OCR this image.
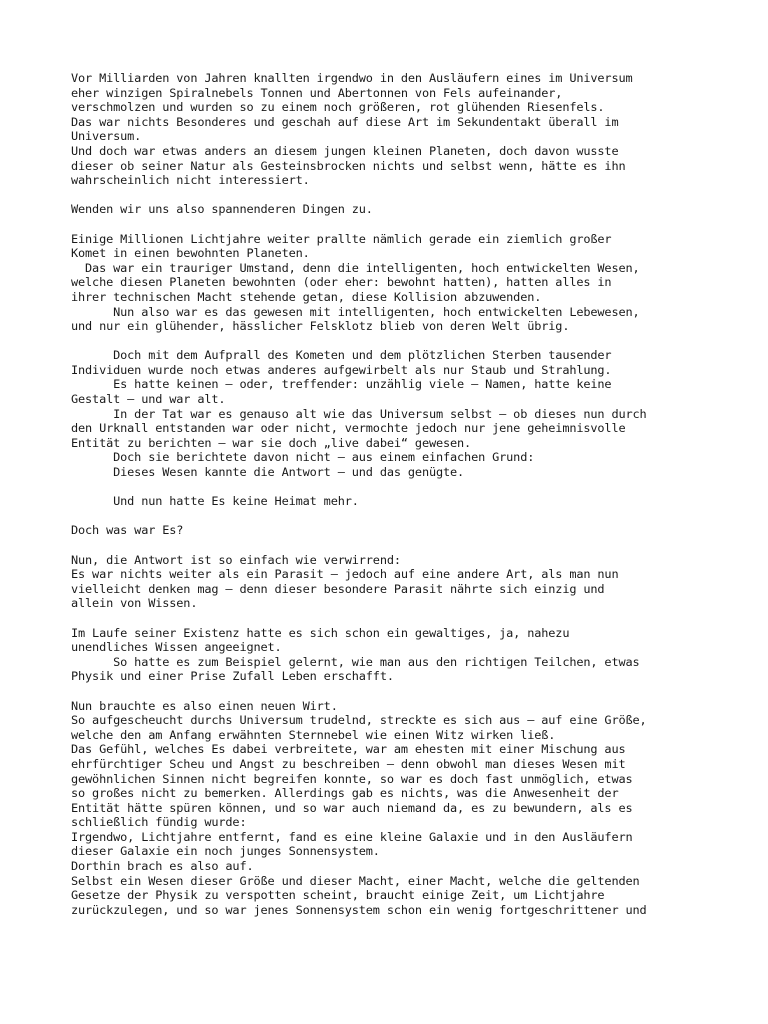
Vor Milliarden von Jahren knallten irgendwo in den Ausläufern eines im Universum
eher winzigen Spiralnebels Tonnen und Abertonnen von Fels aufeinander,
verschmolzen und wurden so zu einem noch größeren, rot glühenden Riesenfels.
Das war nichts Besonderes und geschah auf diese Art im Sekundentakt überall im
Universum.
Und doch war etwas anders an diesem jungen kleinen Planeten, doch davon wusste
dieser ob seiner Natur als Gesteinsbrocken nichts und selbst wenn, hätte es ihn
wahrscheinlich nicht interessiert.
Wenden wir uns also spannenderen Dingen zu.
Einige Millionen Lichtjahre weiter prallte nämlich gerade ein ziemlich großer
Komet in einen bewohnten Planeten.
Das war ein trauriger Umstand, denn die intelligenten, hoch entwickelten Wesen,
welche diesen Planeten bewohnten (oder eher: bewohnt hatten), hatten alles in
ihrer technischen Macht stehende getan, diese Kollision abzuwenden.
Nun also war es das gewesen mit intelligenten, hoch entwickelten Lebewesen,
und nur ein glühender, hässlicher Felsklotz blieb von deren Welt übrig.
Doch mit dem Aufprall des Kometen und dem plötzlichen Sterben tausender
Individuen wurde noch etwas anderes aufgewirbelt als nur Staub und Strahlung.
Es hatte keinen – oder, treffender: unzählig viele – Namen, hatte keine
Gestalt – und war alt.
In der Tat war es genauso alt wie das Universum selbst – ob dieses nun durch
den Urknall entstanden war oder nicht, vermochte jedoch nur jene geheimnisvolle
Entität zu berichten – war sie doch „live dabei“ gewesen.
Doch sie berichtete davon nicht – aus einem einfachen Grund:
Dieses Wesen kannte die Antwort – und das genügte.
Und nun hatte Es keine Heimat mehr.
Doch was war Es?
Nun, die Antwort ist so einfach wie verwirrend:
Es war nichts weiter als ein Parasit – jedoch auf eine andere Art, als man nun
vielleicht denken mag – denn dieser besondere Parasit nährte sich einzig und
allein von Wissen.
Im Laufe seiner Existenz hatte es sich schon ein gewaltiges, ja, nahezu
unendliches Wissen angeeignet.
So hatte es zum Beispiel gelernt, wie man aus den richtigen Teilchen, etwas
Physik und einer Prise Zufall Leben erschafft.
Nun brauchte es also einen neuen Wirt.
So aufgescheucht durchs Universum trudelnd, streckte es sich aus – auf eine Größe,
welche den am Anfang erwähnten Sternnebel wie einen Witz wirken ließ.
Das Gefühl, welches Es dabei verbreitete, war am ehesten mit einer Mischung aus
ehrfürchtiger Scheu und Angst zu beschreiben – denn obwohl man dieses Wesen mit
gewöhnlichen Sinnen nicht begreifen konnte, so war es doch fast unmöglich, etwas
so großes nicht zu bemerken. Allerdings gab es nichts, was die Anwesenheit der
Entität hätte spüren können, und so war auch niemand da, es zu bewundern, als es
schließlich fündig wurde:
Irgendwo, Lichtjahre entfernt, fand es eine kleine Galaxie und in den Ausläufern
dieser Galaxie ein noch junges Sonnensystem.
Dorthin brach es also auf.
Selbst ein Wesen dieser Größe und dieser Macht, einer Macht, welche die geltenden
Gesetze der Physik zu verspotten scheint, braucht einige Zeit, um Lichtjahre
zurückzulegen, und so war jenes Sonnensystem schon ein wenig fortgeschrittener und
